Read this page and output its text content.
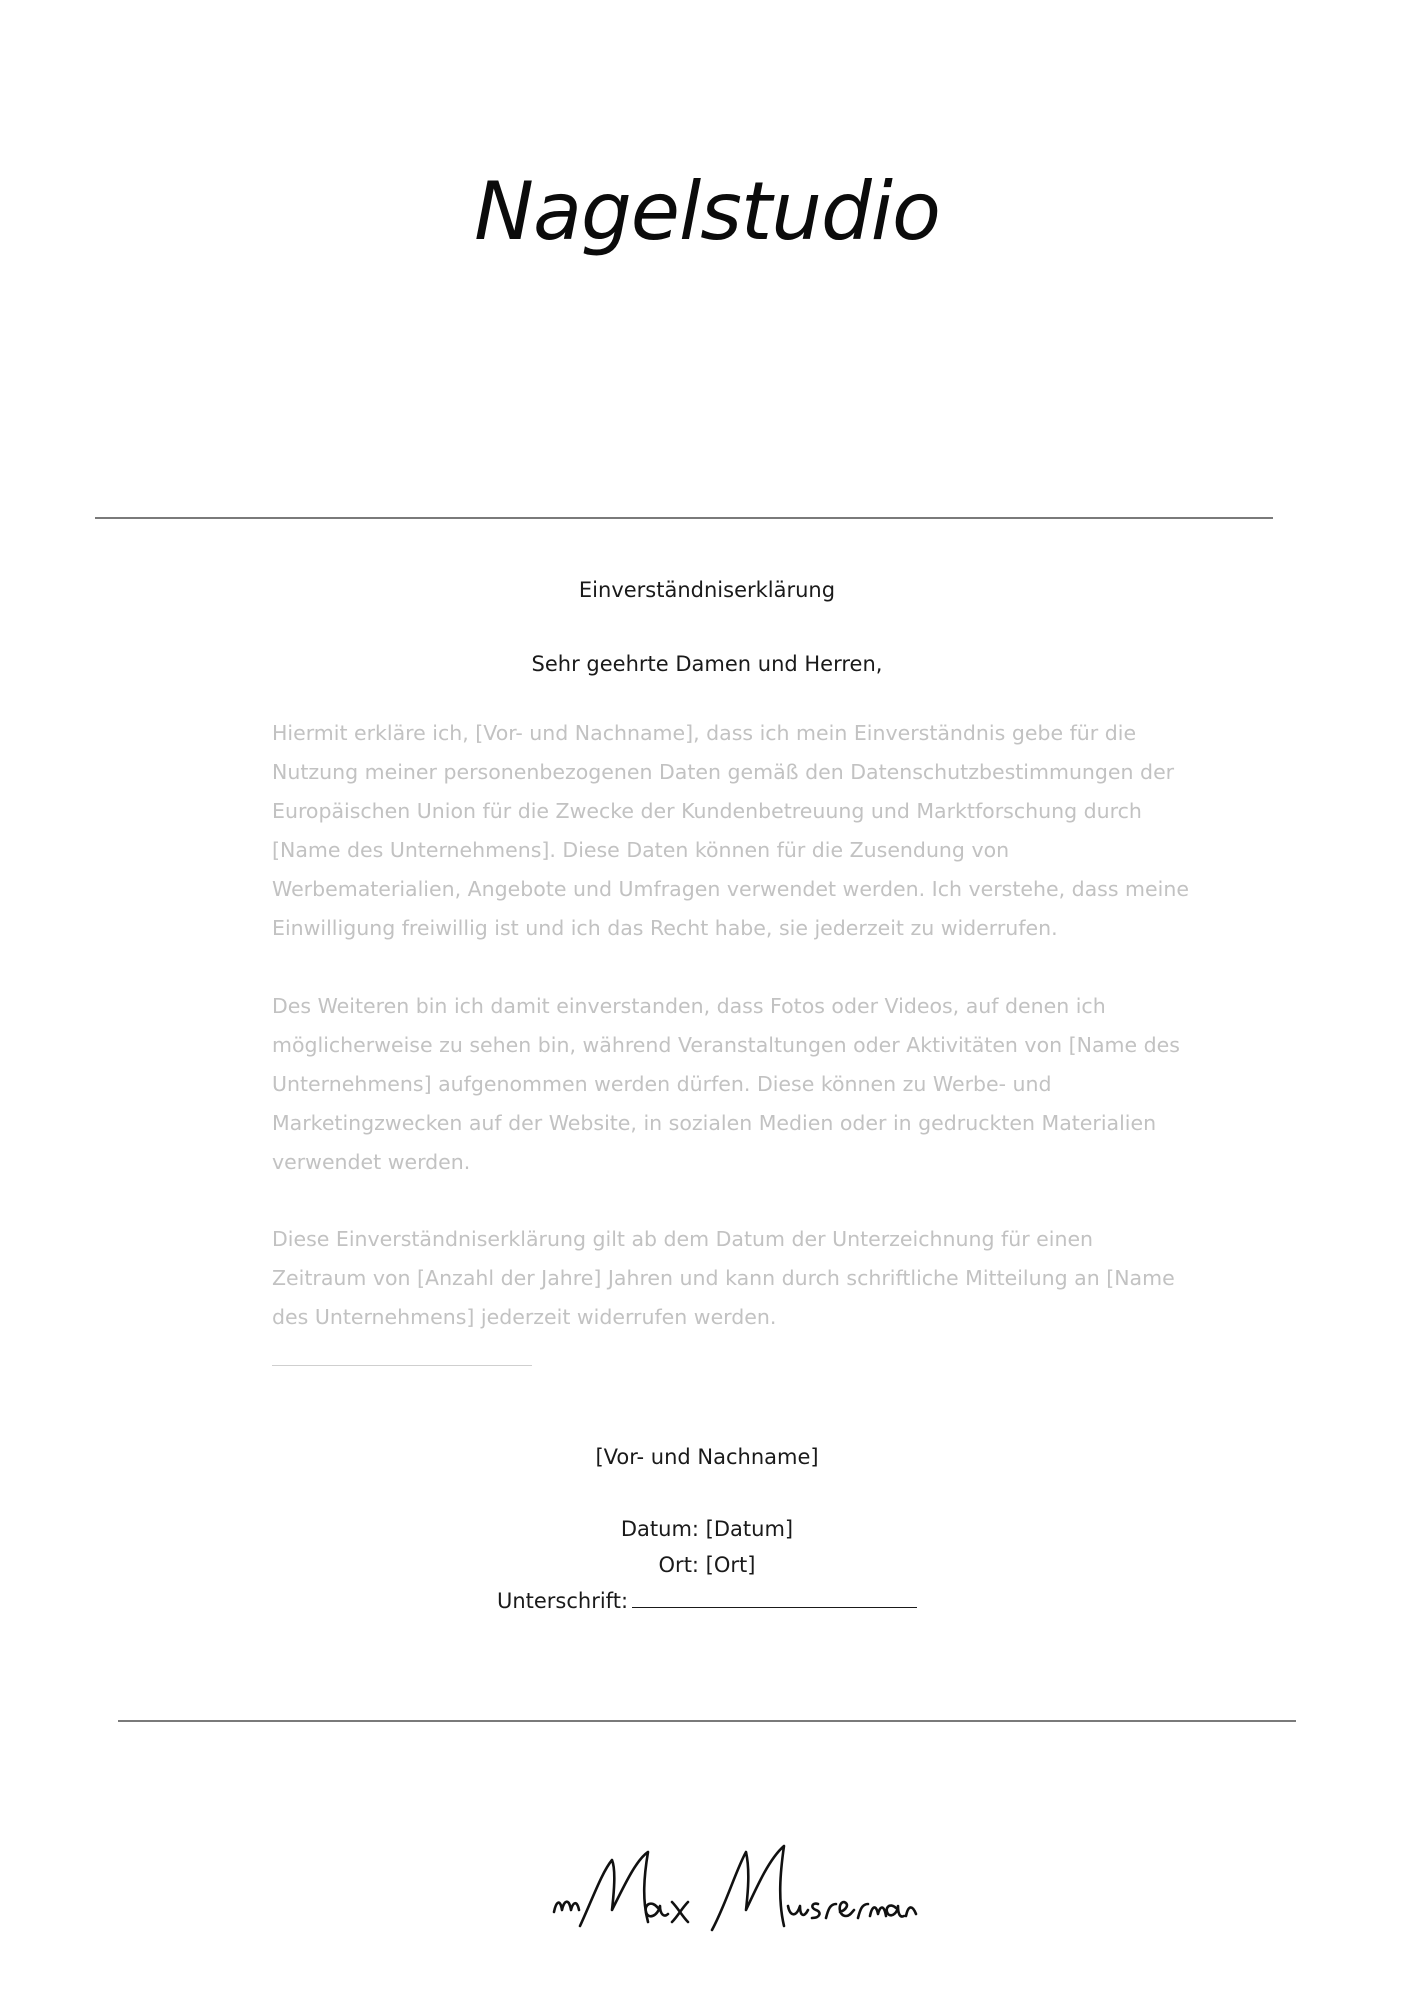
Nagelstudio
Einverständniserklärung
Sehr geehrte Damen und Herren,

Hiermit erkläre ich, [Vor- und Nachname], dass ich mein Einverständnis gebe für die Nutzung meiner personenbezogenen Daten gemäß den Datenschutzbestimmungen der Europäischen Union für die Zwecke der Kundenbetreuung und Marktforschung durch [Name des Unternehmens]. Diese Daten können für die Zusendung von Werbematerialien, Angebote und Umfragen verwendet werden. Ich verstehe, dass meine Einwilligung freiwillig ist und ich das Recht habe, sie jederzeit zu widerrufen.

Des Weiteren bin ich damit einverstanden, dass Fotos oder Videos, auf denen ich möglicherweise zu sehen bin, während Veranstaltungen oder Aktivitäten von [Name des Unternehmens] aufgenommen werden dürfen. Diese können zu Werbe- und Marketingzwecken auf der Website, in sozialen Medien oder in gedruckten Materialien verwendet werden.

Diese Einverständniserklärung gilt ab dem Datum der Unterzeichnung für einen Zeitraum von [Anzahl der Jahre] Jahren und kann durch schriftliche Mitteilung an [Name des Unternehmens] jederzeit widerrufen werden.

[Vor- und Nachname]
Datum: [Datum]
Ort: [Ort]
Unterschrift:
